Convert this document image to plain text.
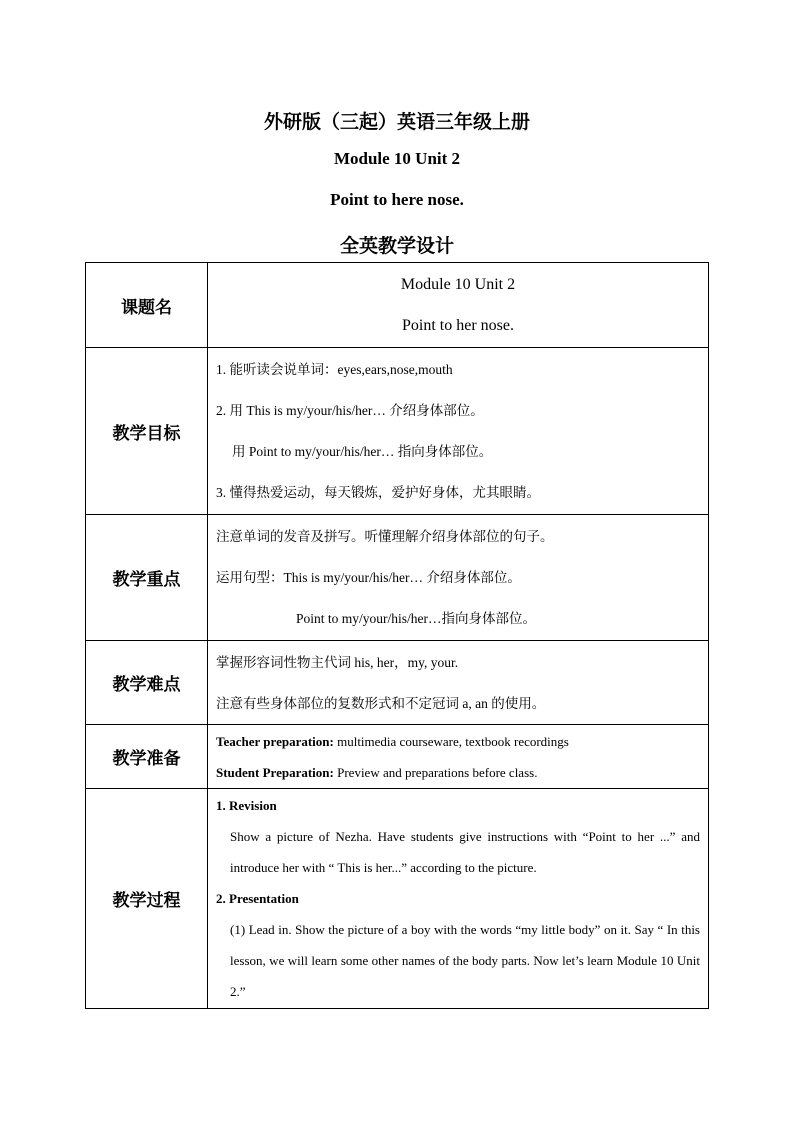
外研版（三起）英语三年级上册
Module 10 Unit 2
Point to here nose.
全英教学设计
课题名	Module 10 Unit 2
Point to her nose.

教学目标	1. 能听读会说单词：eyes,ears,nose,mouth
2. 用 This is my/your/his/her… 介绍身体部位。
用 Point to my/your/his/her… 指向身体部位。
3. 懂得热爱运动，每天锻炼，爱护好身体，尤其眼睛。

教学重点	注意单词的发音及拼写。听懂理解介绍身体部位的句子。
运用句型：This is my/your/his/her… 介绍身体部位。
Point to my/your/his/her…指向身体部位。

教学难点	掌握形容词性物主代词 his, her，my, your.
注意有些身体部位的复数形式和不定冠词 a, an 的使用。

教学准备	Teacher preparation: multimedia courseware, textbook recordings
Student Preparation: Preview and preparations before class.

教学过程	1. Revision
Show a picture of Nezha. Have students give instructions with “Point to her ...” and introduce her with “ This is her...” according to the picture.
2. Presentation
(1) Lead in. Show the picture of a boy with the words “my little body” on it. Say “ In this lesson, we will learn some other names of the body parts. Now let’s learn Module 10 Unit 2.”
